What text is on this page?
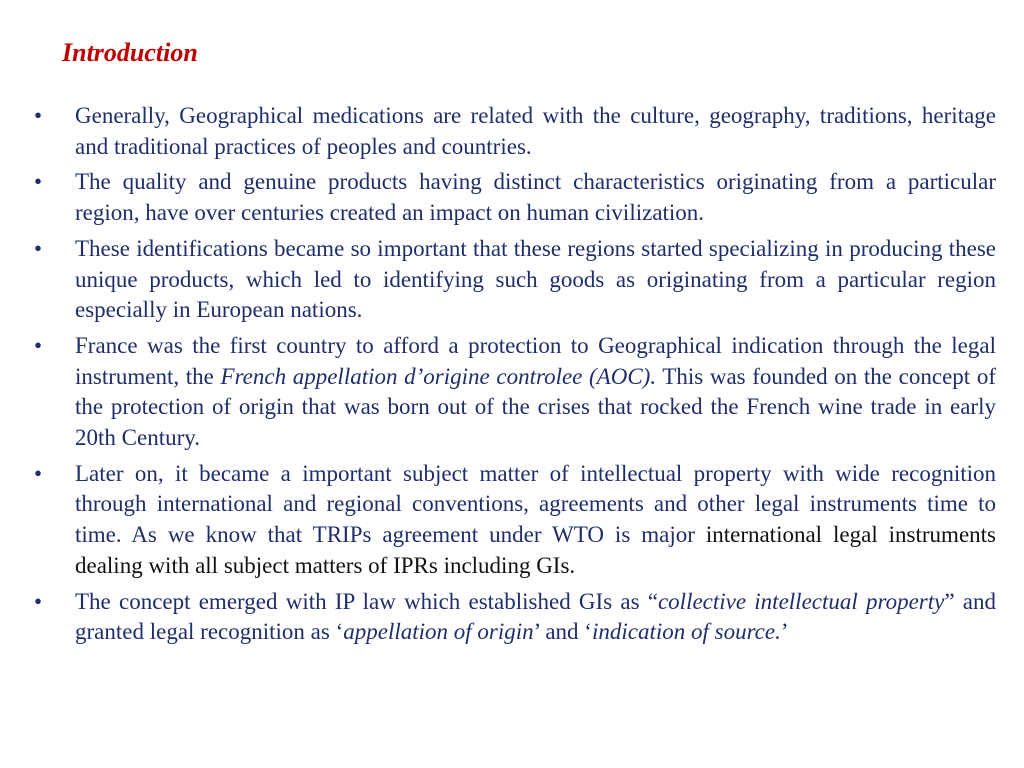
Introduction
• Generally, Geographical medications are related with the culture, geography, traditions, heritage and traditional practices of peoples and countries.
• The quality and genuine products having distinct characteristics originating from a particular region, have over centuries created an impact on human civilization.
• These identifications became so important that these regions started specializing in producing these unique products, which led to identifying such goods as originating from a particular region especially in European nations.
• France was the first country to afford a protection to Geographical indication through the legal instrument, the French appellation d’origine controlee (AOC). This was founded on the concept of the protection of origin that was born out of the crises that rocked the French wine trade in early 20th Century.
• Later on, it became a important subject matter of intellectual property with wide recognition through international and regional conventions, agreements and other legal instruments time to time. As we know that TRIPs agreement under WTO is major international legal instruments dealing with all subject matters of IPRs including GIs.
• The concept emerged with IP law which established GIs as “collective intellectual property” and granted legal recognition as ‘appellation of origin’ and ‘indication of source.’
